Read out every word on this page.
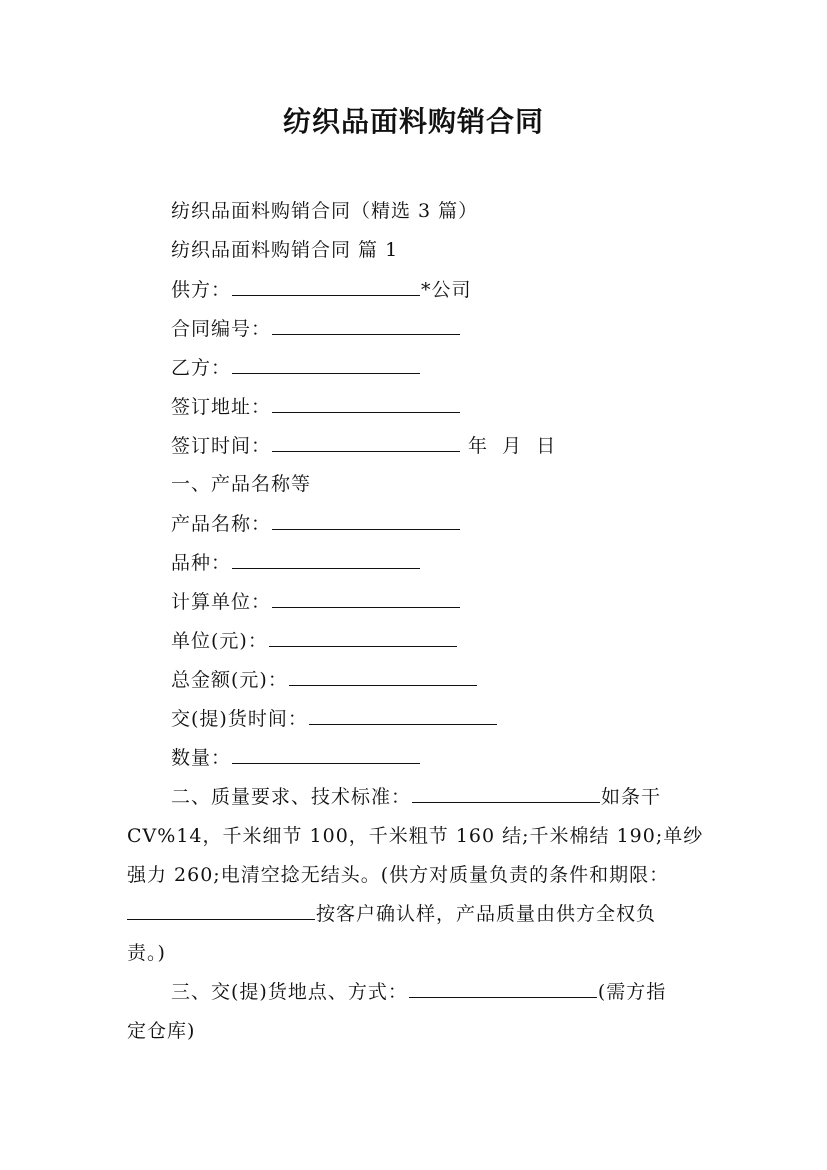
纺织品面料购销合同
纺织品面料购销合同（精选 3 篇）
纺织品面料购销合同 篇 1
供方：	*公司
合同编号：
乙方：
签订地址：
签订时间：	年  月  日
一、产品名称等
产品名称：
品种：
计算单位：
单位(元)：
总金额(元)：
交(提)货时间：
数量：
二、质量要求、技术标准：	如条干
CV%14，千米细节 100，千米粗节 160 结;千米棉结 190;单纱
强力 260;电清空捻无结头。(供方对质量负责的条件和期限：
按客户确认样，产品质量由供方全权负
责。)
三、交(提)货地点、方式：	(需方指
定仓库)
